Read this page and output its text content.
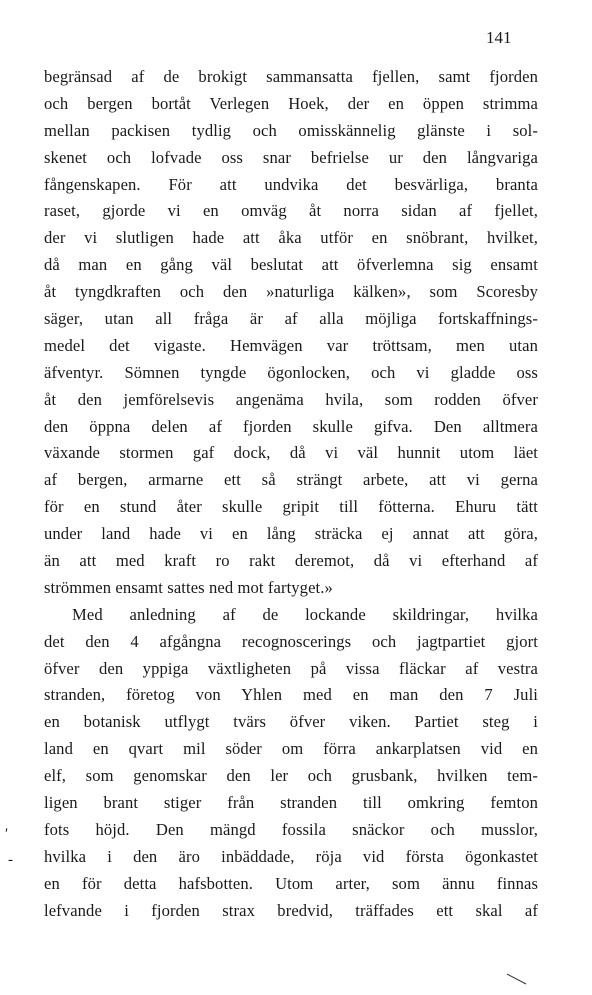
141
begränsad af de brokigt sammansatta fjellen, samt fjorden
och bergen bortåt Verlegen Hoek, der en öppen strimma
mellan packisen tydlig och omisskännelig glänste i sol-
skenet och lofvade oss snar befrielse ur den långvariga
fångenskapen. För att undvika det besvärliga, branta
raset, gjorde vi en omväg åt norra sidan af fjellet,
der vi slutligen hade att åka utför en snöbrant, hvilket,
då man en gång väl beslutat att öfverlemna sig ensamt
åt tyngdkraften och den »naturliga kälken», som Scoresby
säger, utan all fråga är af alla möjliga fortskaffnings-
medel det vigaste. Hemvägen var tröttsam, men utan
äfventyr. Sömnen tyngde ögonlocken, och vi gladde oss
åt den jemförelsevis angenäma hvila, som rodden öfver
den öppna delen af fjorden skulle gifva. Den alltmera
växande stormen gaf dock, då vi väl hunnit utom läet
af bergen, armarne ett så strängt arbete, att vi gerna
för en stund åter skulle gripit till fötterna. Ehuru tätt
under land hade vi en lång sträcka ej annat att göra,
än att med kraft ro rakt deremot, då vi efterhand af
strömmen ensamt sattes ned mot fartyget.»
Med anledning af de lockande skildringar, hvilka
det den 4 afgångna recognoscerings och jagtpartiet gjort
öfver den yppiga växtligheten på vissa fläckar af vestra
stranden, företog von Yhlen med en man den 7 Juli
en botanisk utflygt tvärs öfver viken. Partiet steg i
land en qvart mil söder om förra ankarplatsen vid en
elf, som genomskar den ler och grusbank, hvilken tem-
ligen brant stiger från stranden till omkring femton
fots höjd. Den mängd fossila snäckor och musslor,
hvilka i den äro inbäddade, röja vid första ögonkastet
en för detta hafsbotten. Utom arter, som ännu finnas
lefvande i fjorden strax bredvid, träffades ett skal af
ʹ
-
